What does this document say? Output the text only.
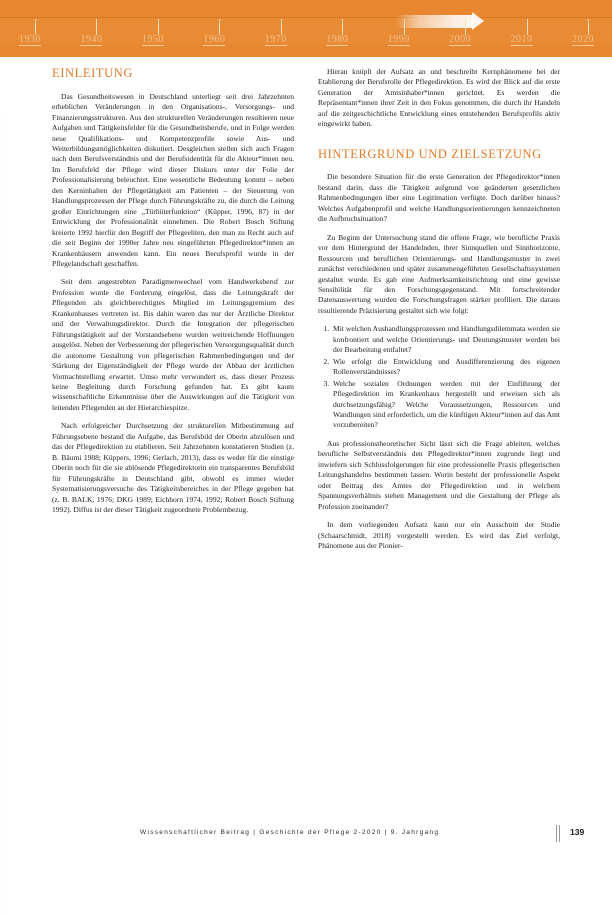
1930	1940	1950	1960	1970	1980	1990	2000	2010	2020
EINLEITUNG

Das Gesundheitswesen in Deutschland unterliegt seit drei Jahrzehnten erheblichen Veränderungen in den Organisations-, Versorgungs- und Finanzierungsstrukturen. Aus den strukturellen Veränderungen resultieren neue Aufgaben und Tätigkeitsfelder für die Gesundheitsberufe, und in Folge werden neue Qualifikations- und Kompetenzprofile sowie Aus- und Weiterbildungsmöglichkeiten diskutiert. Desgleichen stellen sich auch Fragen nach dem Berufsverständnis und der Berufsidentität für die Akteur*innen neu. Im Berufsfeld der Pflege wird dieser Diskurs unter der Folie der Professionalisierung beleuchtet. Eine wesentliche Bedeutung kommt – neben den Kerninhalten der Pflegetätigkeit am Patienten – der Steuerung von Handlungsprozessen der Pflege durch Führungskräfte zu, die durch die Leitung großer Einrichtungen eine „Türhüterfunktion“ (Küpper, 1996, 87) in der Entwicklung der Professionalität einnehmen. Die Robert Bosch Stiftung kreierte 1992 hierfür den Begriff der Pflegeeliten, den man zu Recht auch auf die seit Beginn der 1990er Jahre neu eingeführten Pflegedirektor*innen an Krankenhäusern anwenden kann. Ein neues Berufsprofil wurde in der Pflegelandschaft geschaffen.

Seit dem angestrebten Paradigmenwechsel vom Handwerksberuf zur Profession wurde die Forderung eingelöst, dass die Leitungskraft der Pflegenden als gleichberechtigtes Mitglied im Leitungsgremium des Krankenhauses vertreten ist. Bis dahin waren das nur der Ärztliche Direktor und der Verwaltungsdirektor. Durch die Integration der pflegerischen Führungstätigkeit auf der Vorstandsebene wurden weitreichende Hoffnungen ausgelöst. Neben der Verbesserung der pflegerischen Versorgungsqualität durch die autonome Gestaltung von pflegerischen Rahmenbedingungen und der Stärkung der Eigenständigkeit der Pflege wurde der Abbau der ärztlichen Vormachtstellung erwartet. Umso mehr verwundert es, dass dieser Prozess keine Begleitung durch Forschung gefunden hat. Es gibt kaum wissenschaftliche Erkenntnisse über die Auswirkungen auf die Tätigkeit von leitenden Pflegenden an der Hierarchiespitze.

Nach erfolgreicher Durchsetzung der strukturellen Mitbestimmung auf Führungsebene bestand die Aufgabe, das Berufsbild der Oberin abzulösen und das der Pflegedirektion zu etablieren. Seit Jahrzehnten konstatieren Studien (z. B. Bäumi 1988; Küppers, 1996; Gerlach, 2013), dass es weder für die einstige Oberin noch für die sie ablösende Pflegedirektorin ein transparentes Berufsbild für Führungskräfte in Deutschland gibt, obwohl es immer wieder Systematisierungsversuche des Tätigkeitsbereiches in der Pflege gegeben hat (z. B. BALK, 1976; DKG 1989; Eichhorn 1974, 1992; Robert Bosch Stiftung 1992). Diffus ist der dieser Tätigkeit zugeordnete Problembezug.

Hieran knüpft der Aufsatz an und beschreibt Kernphänomene bei der Etablierung der Berufsrolle der Pflegedirektion. Es wird der Blick auf die erste Generation der Amtsinhaber*innen gerichtet. Es werden die Repräsentant*innen ihrer Zeit in den Fokus genommen, die durch ihr Handeln auf die zeitgeschichtliche Entwicklung eines entstehenden Berufsprofils aktiv eingewirkt haben.

HINTERGRUND UND ZIELSETZUNG

Die besondere Situation für die erste Generation der Pflegedirektor*innen bestand darin, dass die Tätigkeit aufgrund von geänderten gesetzlichen Rahmenbedingungen über eine Legitimation verfügte. Doch darüber hinaus? Welches Aufgabenprofil und welche Handlungsorientierungen kennzeichneten die Aufbruchsituation?

Zu Beginn der Untersuchung stand die offene Frage, wie berufliche Praxis vor dem Hintergrund der Handelnden, ihrer Sinnquellen und Sinnhorizonte, Ressourcen und beruflichen Orientierungs- und Handlungsmuster in zwei zunächst verschiedenen und später zusammengeführten Gesellschaftssystemen gestaltet wurde. Es gab eine Aufmerksamkeitsrichtung und eine gewisse Sensibilität für den Forschungsgegenstand. Mit fortschreitender Datenauswertung wurden die Forschungsfragen stärker profiliert. Die daraus resultierende Präzisierung gestaltet sich wie folgt:

1. Mit welchen Aushandlungsprozessen und Handlungsdilemmata werden sie konfrontiert und welche Orientierungs- und Deutungsmuster werden bei der Bearbeitung entfaltet?
2. Wie erfolgt die Entwicklung und Ausdifferenzierung des eigenen Rollenverständnisses?
3. Welche sozialen Ordnungen werden mit der Einführung der Pflegedirektion im Krankenhaus hergestellt und erweisen sich als durchsetzungsfähig? Welche Voraussetzungen, Ressourcen und Wandlungen sind erforderlich, um die künftigen Akteur*innen auf das Amt vorzubereiten?

Aus professionstheoretischer Sicht lässt sich die Frage ableiten, welches berufliche Selbstverständnis den Pflegedirektor*innen zugrunde liegt und inwiefern sich Schlussfolgerungen für eine professionelle Praxis pflegerischen Leitungshandelns bestimmen lassen. Worin besteht der professionelle Aspekt oder Beitrag des Amtes der Pflegedirektion und in welchem Spannungsverhältnis stehen Management und die Gestaltung der Pflege als Profession zueinander?

In dem vorliegenden Aufsatz kann nur ein Ausschnitt der Studie (Schaarschmidt, 2018) vorgestellt werden. Es wird das Ziel verfolgt, Phänomene aus der Pionier-

Wissenschaftlicher Beitrag | Geschichte der Pflege 2-2020 | 9. Jahrgang	139
